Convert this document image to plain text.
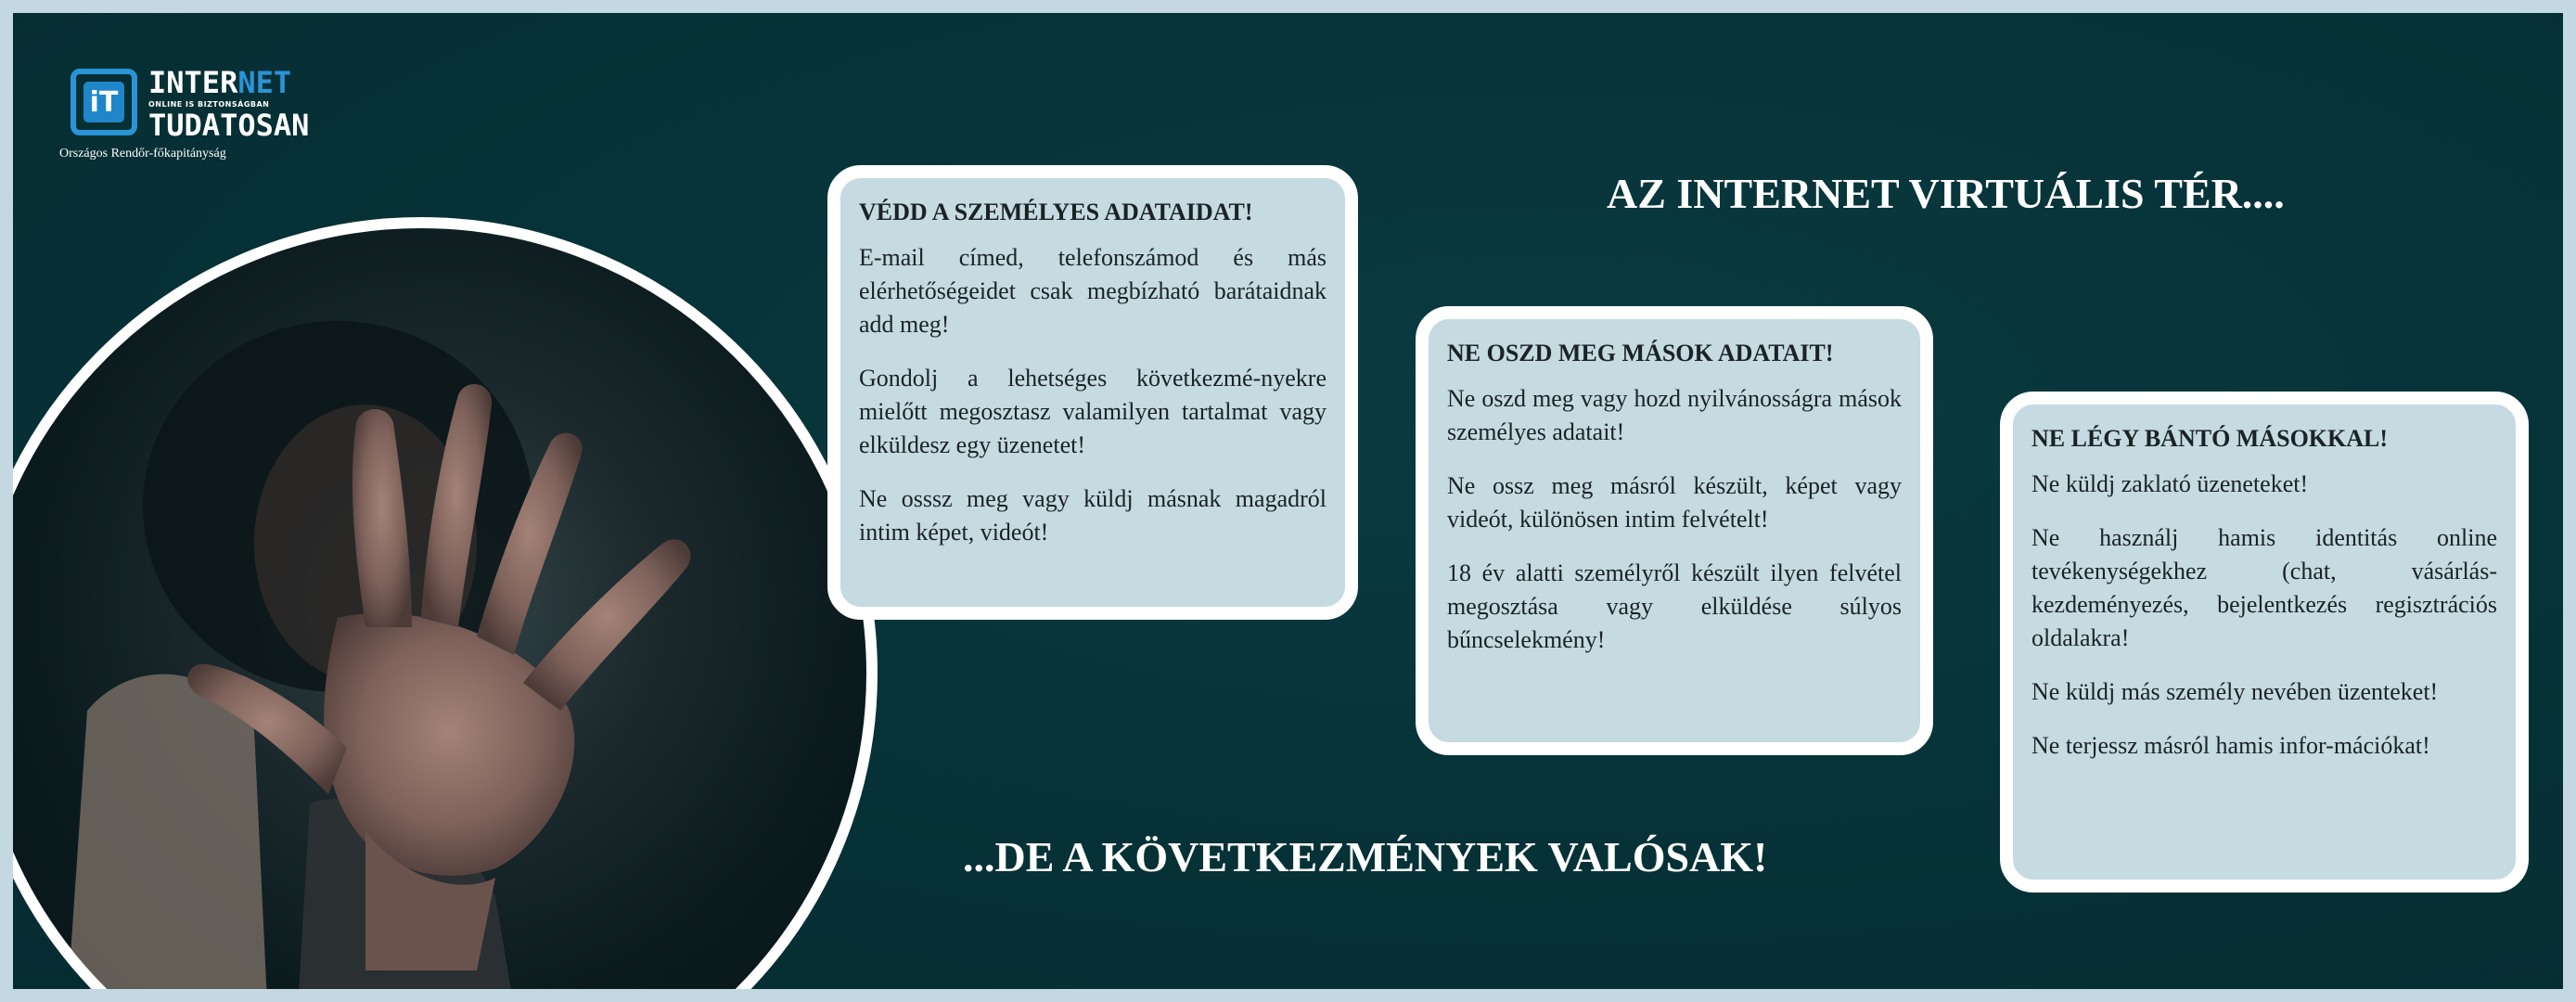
iT
INTERNET
ONLINE IS BIZTONSÁGBAN
TUDATOSAN
Országos Rendőr-főkapitányság
AZ INTERNET VIRTUÁLIS TÉR....
...DE A KÖVETKEZMÉNYEK VALÓSAK!
VÉDD A SZEMÉLYES ADATAIDAT!

E-mail címed, telefonszámod és más elérhetőségeidet csak megbízható barátaidnak add meg!

Gondolj a lehetséges következmé-nyekre mielőtt megosztasz valamilyen tartalmat vagy elküldesz egy üzenetet!

Ne osssz meg vagy küldj másnak magadról intim képet, videót!

NE OSZD MEG MÁSOK ADATAIT!

Ne oszd meg vagy hozd nyilvánosságra mások személyes adatait!

Ne ossz meg másról készült, képet vagy videót, különösen intim felvételt!

18 év alatti személyről készült ilyen felvétel megosztása vagy elküldése súlyos bűncselekmény!

NE LÉGY BÁNTÓ MÁSOKKAL!

Ne küldj zaklató üzeneteket!

Ne használj hamis identitás online tevékenységekhez (chat, vásárlás-kezdeményezés, bejelentkezés regisztrációs oldalakra!

Ne küldj más személy nevében üzenteket!

Ne terjessz másról hamis infor-mációkat!
